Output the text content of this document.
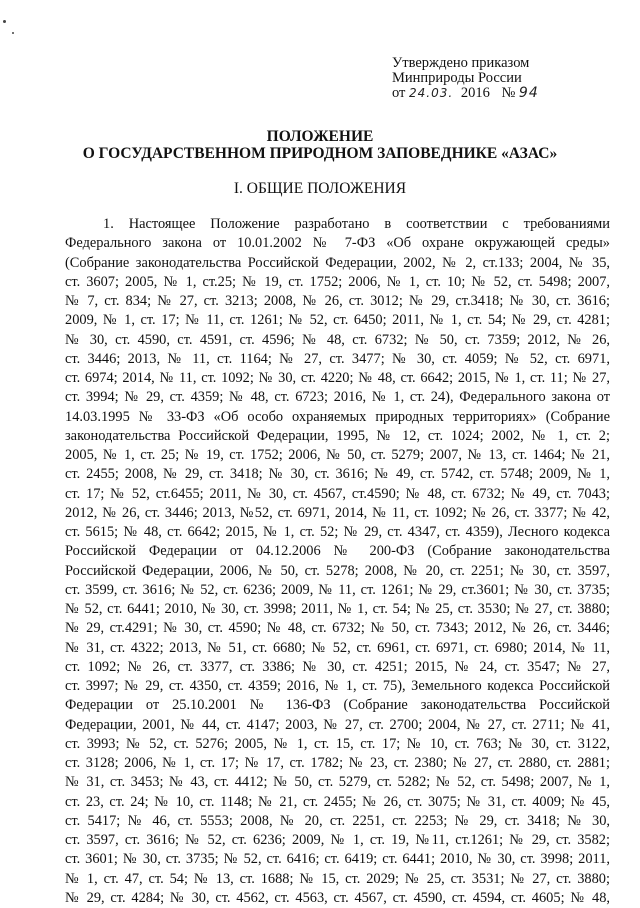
Утверждено приказом
Минприроды России
от 24.03. 2016 № 94
ПОЛОЖЕНИЕ
О ГОСУДАРСТВЕННОМ ПРИРОДНОМ ЗАПОВЕДНИКЕ «АЗАС»
I. ОБЩИЕ ПОЛОЖЕНИЯ

1. Настоящее Положение разработано в соответствии с требованиями
Федерального закона от 10.01.2002 № 7-ФЗ «Об охране окружающей среды»
(Собрание законодательства Российской Федерации, 2002, № 2, ст.133; 2004, № 35,
ст. 3607; 2005, № 1, ст.25; № 19, ст. 1752; 2006, № 1, ст. 10; № 52, ст. 5498; 2007,
№ 7, ст. 834; № 27, ст. 3213; 2008, № 26, ст. 3012; № 29, ст.3418; № 30, ст. 3616;
2009, № 1, ст. 17; № 11, ст. 1261; № 52, ст. 6450; 2011, № 1, ст. 54; № 29, ст. 4281;
№ 30, ст. 4590, ст. 4591, ст. 4596; № 48, ст. 6732; № 50, ст. 7359; 2012, № 26,
ст. 3446; 2013, № 11, ст. 1164; № 27, ст. 3477; № 30, ст. 4059; № 52, ст. 6971,
ст. 6974; 2014, № 11, ст. 1092; № 30, ст. 4220; № 48, ст. 6642; 2015, № 1, ст. 11; № 27,
ст. 3994; № 29, ст. 4359; № 48, ст. 6723; 2016, № 1, ст. 24), Федерального закона от
14.03.1995 № 33-ФЗ «Об особо охраняемых природных территориях» (Собрание
законодательства Российской Федерации, 1995, № 12, ст. 1024; 2002, № 1, ст. 2;
2005, № 1, ст. 25; № 19, ст. 1752; 2006, № 50, ст. 5279; 2007, № 13, ст. 1464; № 21,
ст. 2455; 2008, № 29, ст. 3418; № 30, ст. 3616; № 49, ст. 5742, ст. 5748; 2009, № 1,
ст. 17; № 52, ст.6455; 2011, № 30, ст. 4567, ст.4590; № 48, ст. 6732; № 49, ст. 7043;
2012, № 26, ст. 3446; 2013, №52, ст. 6971, 2014, № 11, ст. 1092; № 26, ст. 3377; № 42,
ст. 5615; № 48, ст. 6642; 2015, № 1, ст. 52; № 29, ст. 4347, ст. 4359), Лесного кодекса
Российской Федерации от 04.12.2006 № 200-ФЗ (Собрание законодательства
Российской Федерации, 2006, № 50, ст. 5278; 2008, № 20, ст. 2251; № 30, ст. 3597,
ст. 3599, ст. 3616; № 52, ст. 6236; 2009, № 11, ст. 1261; № 29, ст.3601; № 30, ст. 3735;
№ 52, ст. 6441; 2010, № 30, ст. 3998; 2011, № 1, ст. 54; № 25, ст. 3530; № 27, ст. 3880;
№ 29, ст.4291; № 30, ст. 4590; № 48, ст. 6732; № 50, ст. 7343; 2012, № 26, ст. 3446;
№ 31, ст. 4322; 2013, № 51, ст. 6680; № 52, ст. 6961, ст. 6971, ст. 6980; 2014, № 11,
ст. 1092; № 26, ст. 3377, ст. 3386; № 30, ст. 4251; 2015, № 24, ст. 3547; № 27,
ст. 3997; № 29, ст. 4350, ст. 4359; 2016, № 1, ст. 75), Земельного кодекса Российской
Федерации от 25.10.2001 № 136-ФЗ (Собрание законодательства Российской
Федерации, 2001, № 44, ст. 4147; 2003, № 27, ст. 2700; 2004, № 27, ст. 2711; № 41,
ст. 3993; № 52, ст. 5276; 2005, № 1, ст. 15, ст. 17; № 10, ст. 763; № 30, ст. 3122,
ст. 3128; 2006, № 1, ст. 17; № 17, ст. 1782; № 23, ст. 2380; № 27, ст. 2880, ст. 2881;
№ 31, ст. 3453; № 43, ст. 4412; № 50, ст. 5279, ст. 5282; № 52, ст. 5498; 2007, № 1,
ст. 23, ст. 24; № 10, ст. 1148; № 21, ст. 2455; № 26, ст. 3075; № 31, ст. 4009; № 45,
ст. 5417; № 46, ст. 5553; 2008, № 20, ст. 2251, ст. 2253; № 29, ст. 3418; № 30,
ст. 3597, ст. 3616; № 52, ст. 6236; 2009, № 1, ст. 19, №11, ст.1261; № 29, ст. 3582;
ст. 3601; № 30, ст. 3735; № 52, ст. 6416; ст. 6419; ст. 6441; 2010, № 30, ст. 3998; 2011,
№ 1, ст. 47, ст. 54; № 13, ст. 1688; № 15, ст. 2029; № 25, ст. 3531; № 27, ст. 3880;
№ 29, ст. 4284; № 30, ст. 4562, ст. 4563, ст. 4567, ст. 4590, ст. 4594, ст. 4605; № 48,
